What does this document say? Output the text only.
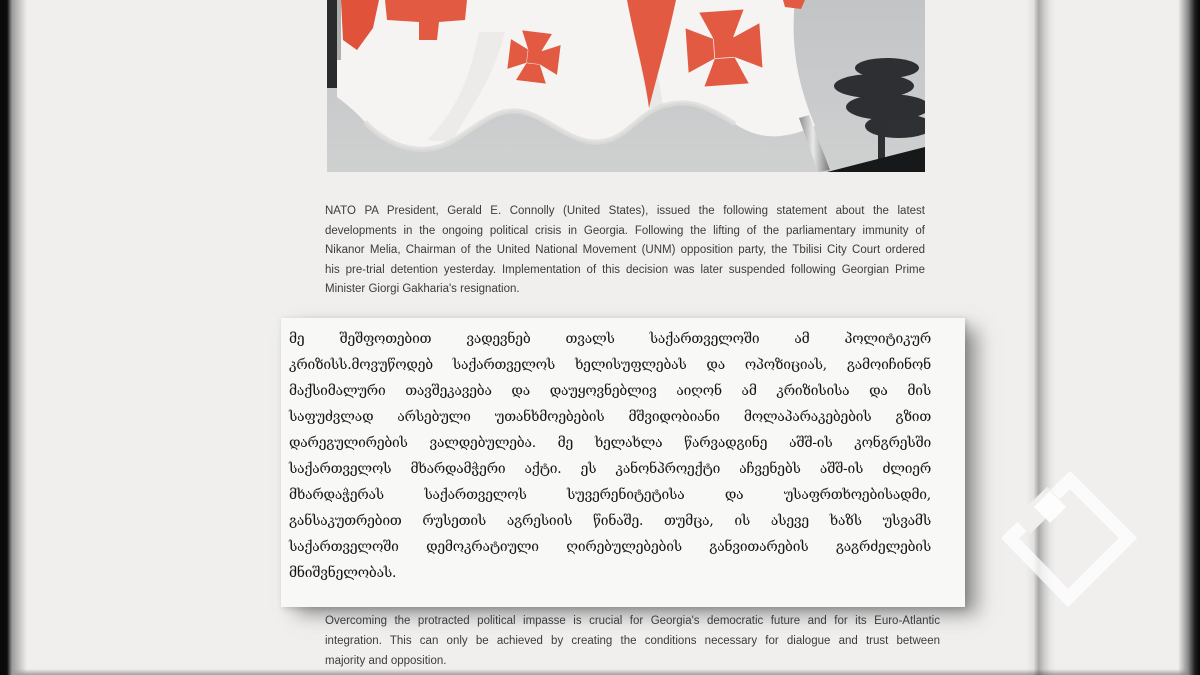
NATO PA President, Gerald E. Connolly (United States), issued the following statement about the latest
developments in the ongoing political crisis in Georgia. Following the lifting of the parliamentary immunity of
Nikanor Melia, Chairman of the United National Movement (UNM) opposition party, the Tbilisi City Court ordered
his pre-trial detention yesterday. Implementation of this decision was later suspended following Georgian Prime
Minister Giorgi Gakharia's resignation.
მე შეშფოთებით ვადევნებ თვალს საქართველოში ამ პოლიტიკურ
კრიზისს.მოვუწოდებ საქართველოს ხელისუფლებას და ოპოზიციას, გამოიჩინონ
მაქსიმალური თავშეკავება და დაუყოვნებლივ აიღონ ამ კრიზისისა და მის
საფუძვლად არსებული უთანხმოებების მშვიდობიანი მოლაპარაკებების გზით
დარეგულირების ვალდებულება. მე ხელახლა წარვადგინე აშშ-ის კონგრესში
საქართველოს მხარდამჭერი აქტი. ეს კანონპროექტი აჩვენებს აშშ-ის ძლიერ
მხარდაჭერას საქართველოს სუვერენიტეტისა და უსაფრთხოებისადმი,
განსაკუთრებით რუსეთის აგრესიის წინაშე. თუმცა, ის ასევე ხაზს უსვამს
საქართველოში დემოკრატიული ღირებულებების განვითარების გაგრძელების
მნიშვნელობას.
Overcoming the protracted political impasse is crucial for Georgia's democratic future and for its Euro-Atlantic
integration. This can only be achieved by creating the conditions necessary for dialogue and trust between
majority and opposition.
